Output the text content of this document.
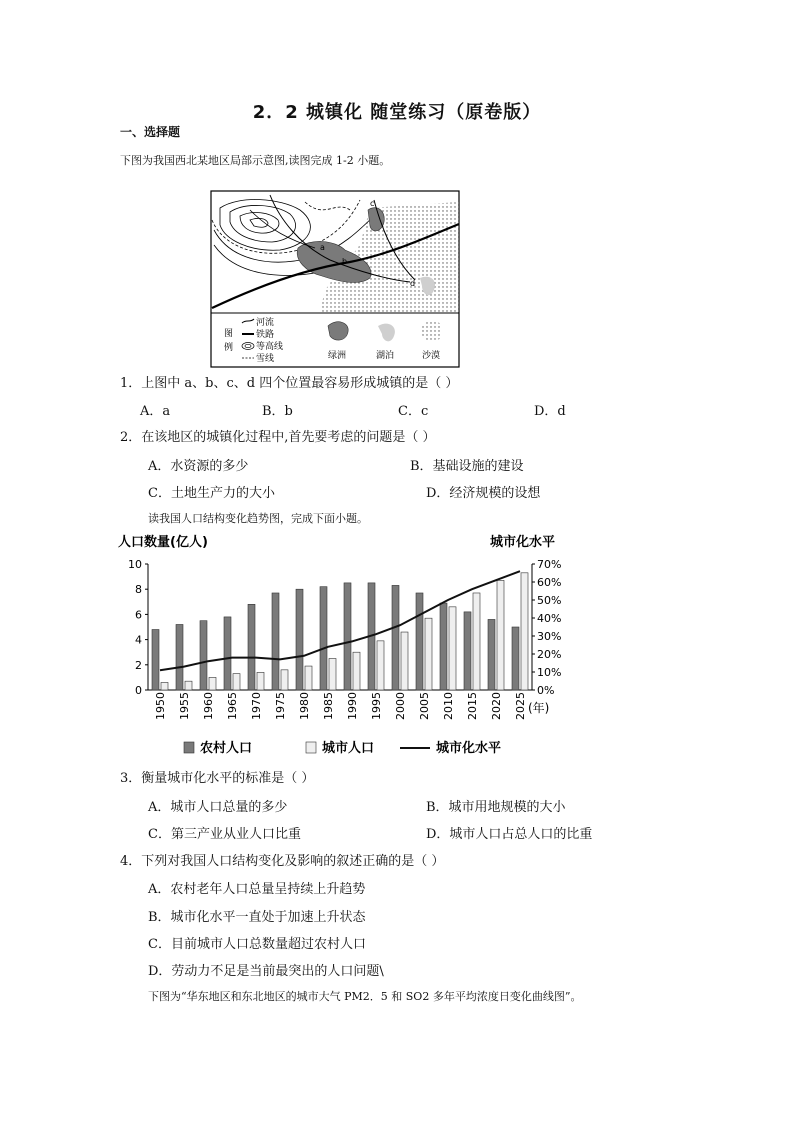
2．2 城镇化 随堂练习（原卷版）
一、选择题
下图为我国西北某地区局部示意图,读图完成 1-2 小题。
a
b
c
d
图
例
河流
铁路
等高线
雪线	绿洲	湖泊	沙漠
1．上图中 a、b、c、d 四个位置最容易形成城镇的是（ ）
A．a	B．b	C．c	D．d
2．在该地区的城镇化过程中,首先要考虑的问题是（ ）
A．水资源的多少	B．基础设施的建设
C．土地生产力的大小	D．经济规模的设想
读我国人口结构变化趋势图，完成下面小题。
人口数量(亿人)	城市化水平
0
2
4
6
8
10
0%
10%
20%
30%
40%
50%
60%
70%
1950 1955 1960 1965 1970 1975 1980 1985 1990 1995 2000 2005 2010 2015 2020 2025 (年)
农村人口	城市人口	城市化水平
3．衡量城市化水平的标准是（ ）
A．城市人口总量的多少	B．城市用地规模的大小
C．第三产业从业人口比重	D．城市人口占总人口的比重
4．下列对我国人口结构变化及影响的叙述正确的是（ ）
A．农村老年人口总量呈持续上升趋势
B．城市化水平一直处于加速上升状态
C．目前城市人口总数量超过农村人口
D．劳动力不足是当前最突出的人口问题\
下图为“华东地区和东北地区的城市大气 PM2．5 和 SO2 多年平均浓度日变化曲线图”。
